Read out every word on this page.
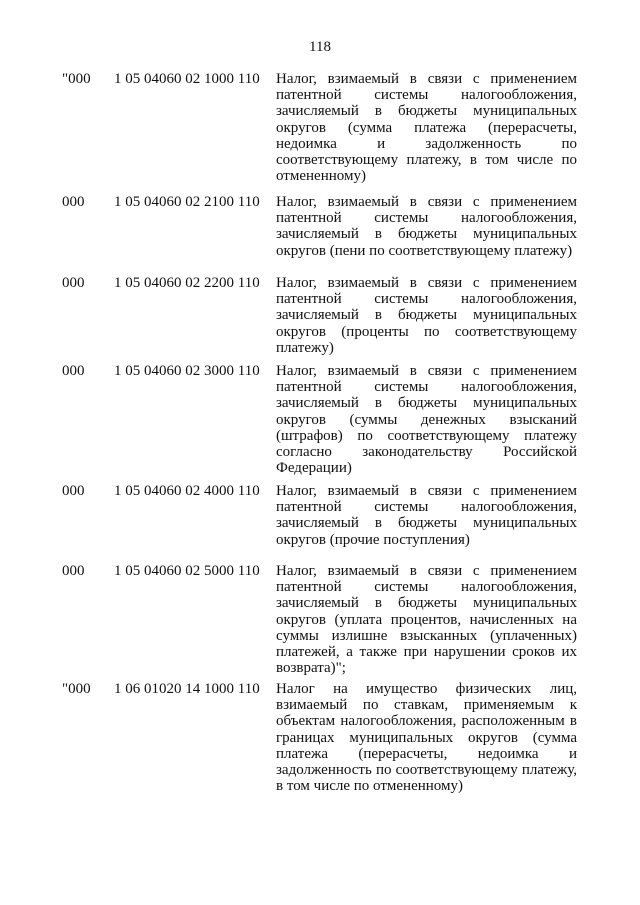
118
"000	1 05 04060 02 1000 110	Налог, взимаемый в связи с применением патентной системы налогообложения, зачисляемый в бюджеты муниципальных округов (сумма платежа (перерасчеты, недоимка и задолженность по соответствующему платежу, в том числе по отмененному)
000	1 05 04060 02 2100 110	Налог, взимаемый в связи с применением патентной системы налогообложения, зачисляемый в бюджеты муниципальных округов (пени по соответствующему платежу)
000	1 05 04060 02 2200 110	Налог, взимаемый в связи с применением патентной системы налогообложения, зачисляемый в бюджеты муниципальных округов (проценты по соответствующему платежу)
000	1 05 04060 02 3000 110	Налог, взимаемый в связи с применением патентной системы налогообложения, зачисляемый в бюджеты муниципальных округов (суммы денежных взысканий (штрафов) по соответствующему платежу согласно законодательству Российской Федерации)
000	1 05 04060 02 4000 110	Налог, взимаемый в связи с применением патентной системы налогообложения, зачисляемый в бюджеты муниципальных округов (прочие поступления)
000	1 05 04060 02 5000 110	Налог, взимаемый в связи с применением патентной системы налогообложения, зачисляемый в бюджеты муниципальных округов (уплата процентов, начисленных на суммы излишне взысканных (уплаченных) платежей, а также при нарушении сроков их возврата)";
"000	1 06 01020 14 1000 110	Налог на имущество физических лиц, взимаемый по ставкам, применяемым к объектам налогообложения, расположенным в границах муниципальных округов (сумма платежа (перерасчеты, недоимка и задолженность по соответствующему платежу, в том числе по отмененному)
